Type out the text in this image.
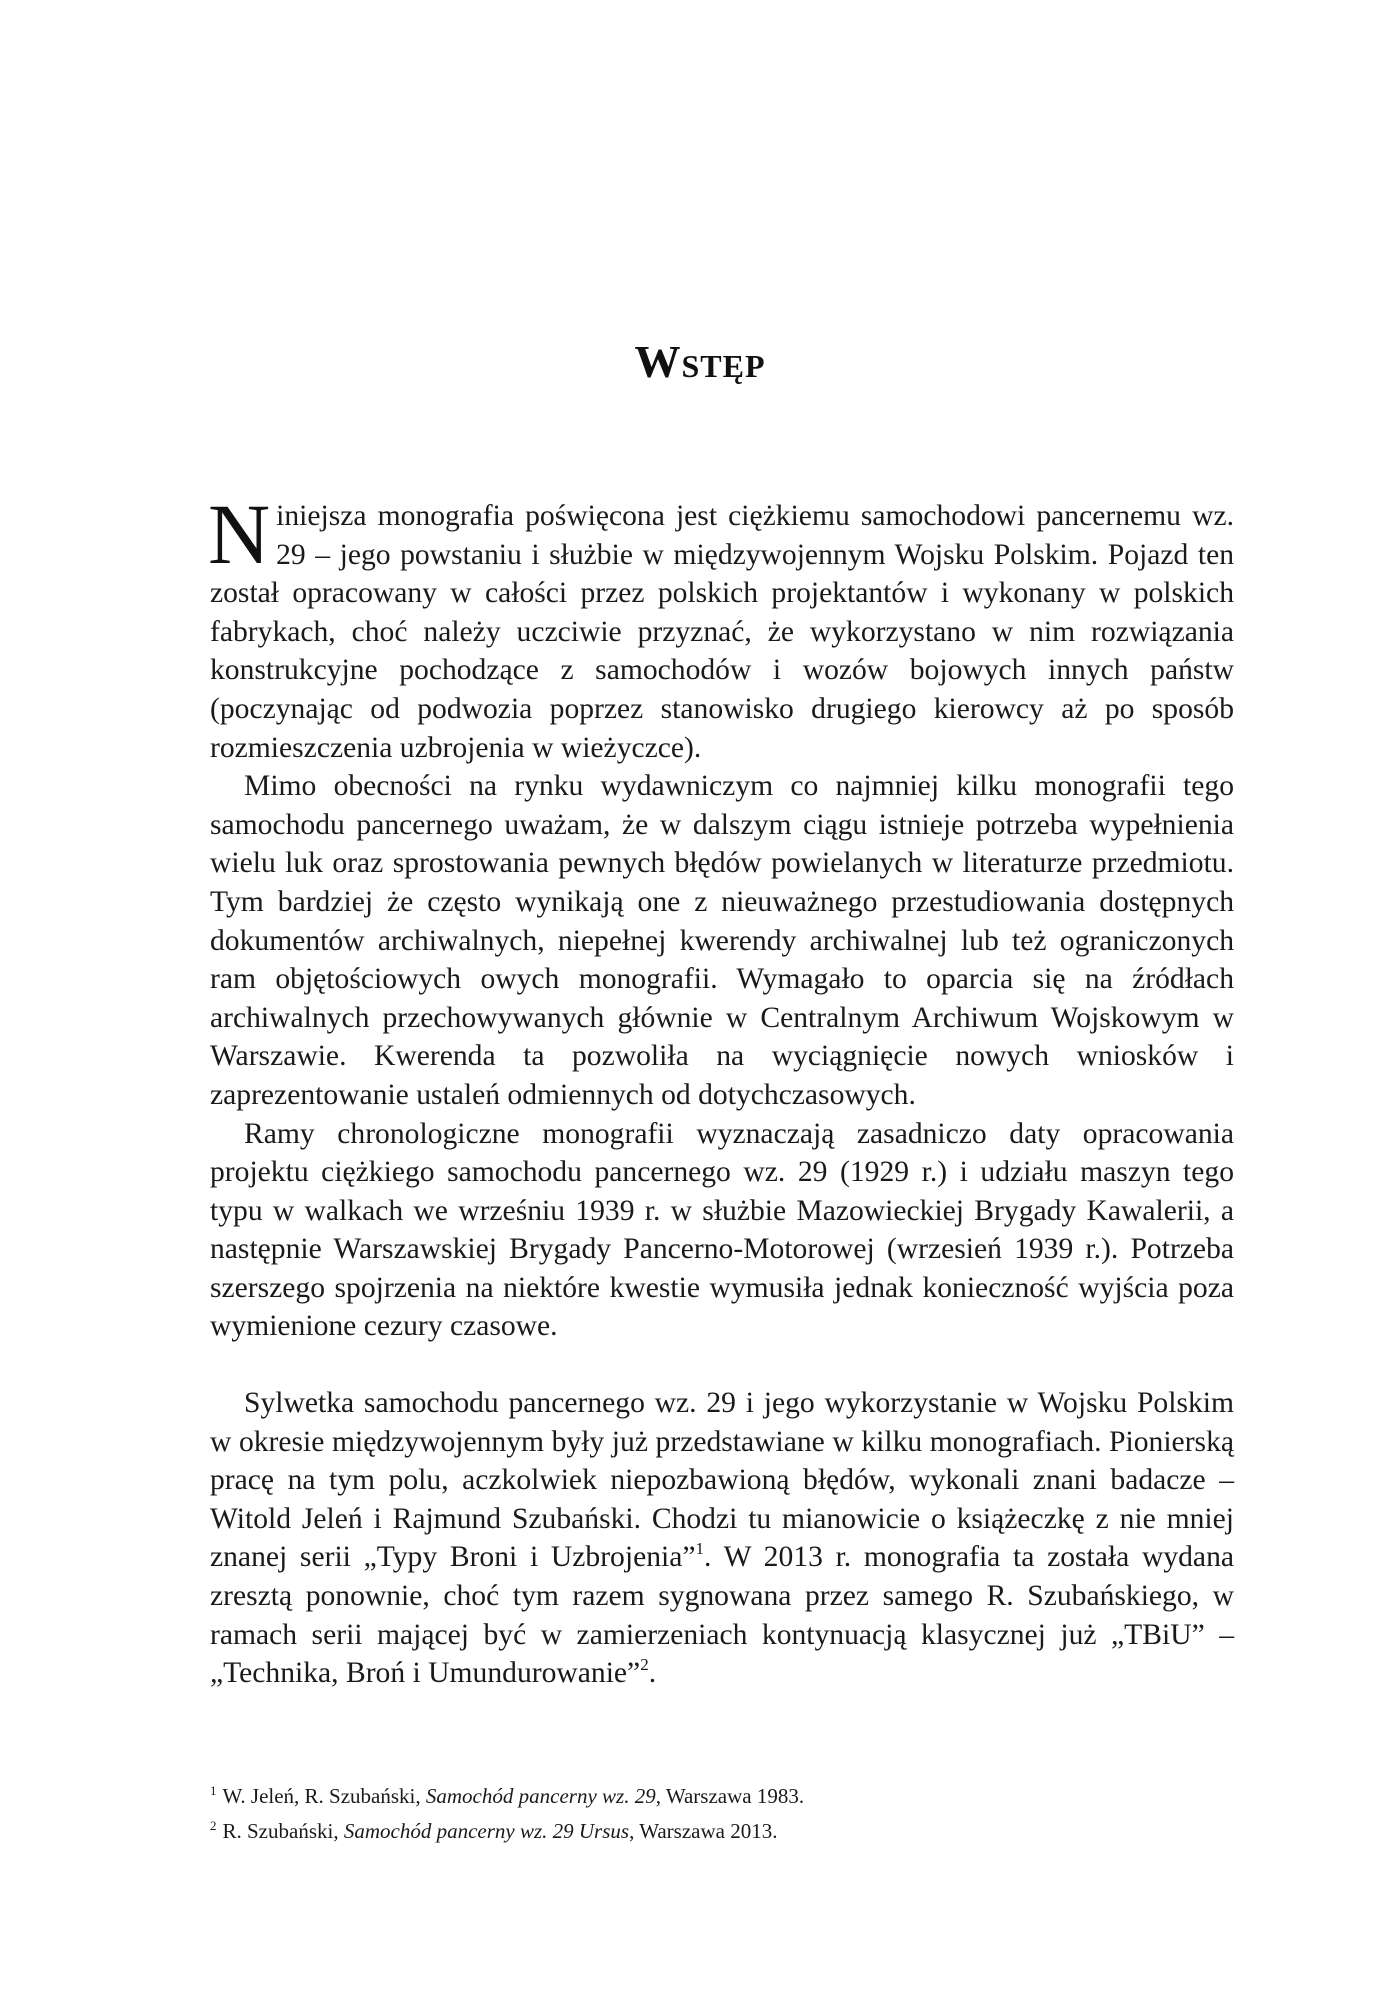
Wstęp

Niniejsza monografia poświęcona jest ciężkiemu samochodowi pancernemu wz. 29 – jego powstaniu i służbie w międzywojennym Wojsku Polskim. Pojazd ten został opracowany w całości przez polskich projektantów i wykonany w polskich fabrykach, choć należy uczciwie przyznać, że wykorzystano w nim rozwiązania konstrukcyjne pochodzące z samochodów i wozów bojowych innych państw (poczynając od podwozia poprzez stanowisko drugiego kierowcy aż po sposób rozmieszczenia uzbrojenia w wieżyczce).

Mimo obecności na rynku wydawniczym co najmniej kilku monografii tego samochodu pancernego uważam, że w dalszym ciągu istnieje potrzeba wypełnienia wielu luk oraz sprostowania pewnych błędów powielanych w literaturze przedmiotu. Tym bardziej że często wynikają one z nieuważnego przestudiowania dostępnych dokumentów archiwalnych, niepełnej kwerendy archiwalnej lub też ograniczonych ram objętościowych owych monografii. Wymagało to oparcia się na źródłach archiwalnych przechowywanych głównie w Centralnym Archiwum Wojskowym w Warszawie. Kwerenda ta pozwoliła na wyciągnięcie nowych wniosków i zaprezentowanie ustaleń odmiennych od dotychczasowych.

Ramy chronologiczne monografii wyznaczają zasadniczo daty opracowania projektu ciężkiego samochodu pancernego wz. 29 (1929 r.) i udziału maszyn tego typu w walkach we wrześniu 1939 r. w służbie Mazowieckiej Brygady Kawalerii, a następnie Warszawskiej Brygady Pancerno-Motorowej (wrzesień 1939 r.). Potrzeba szerszego spojrzenia na niektóre kwestie wymusiła jednak konieczność wyjścia poza wymienione cezury czasowe.

Sylwetka samochodu pancernego wz. 29 i jego wykorzystanie w Wojsku Polskim w okresie międzywojennym były już przedstawiane w kilku monografiach. Pionierską pracę na tym polu, aczkolwiek niepozbawioną błędów, wykonali znani badacze – Witold Jeleń i Rajmund Szubański. Chodzi tu mianowicie o książeczkę z nie mniej znanej serii „Typy Broni i Uzbrojenia”$^1$. W 2013 r. monografia ta została wydana zresztą ponownie, choć tym razem sygnowana przez samego R. Szubańskiego, w ramach serii mającej być w zamierzeniach kontynuacją klasycznej już „TBiU” – „Technika, Broń i Umundurowanie”$^2$.

$^1$ W. Jeleń, R. Szubański, Samochód pancerny wz. 29, Warszawa 1983.

$^2$ R. Szubański, Samochód pancerny wz. 29 Ursus, Warszawa 2013.
